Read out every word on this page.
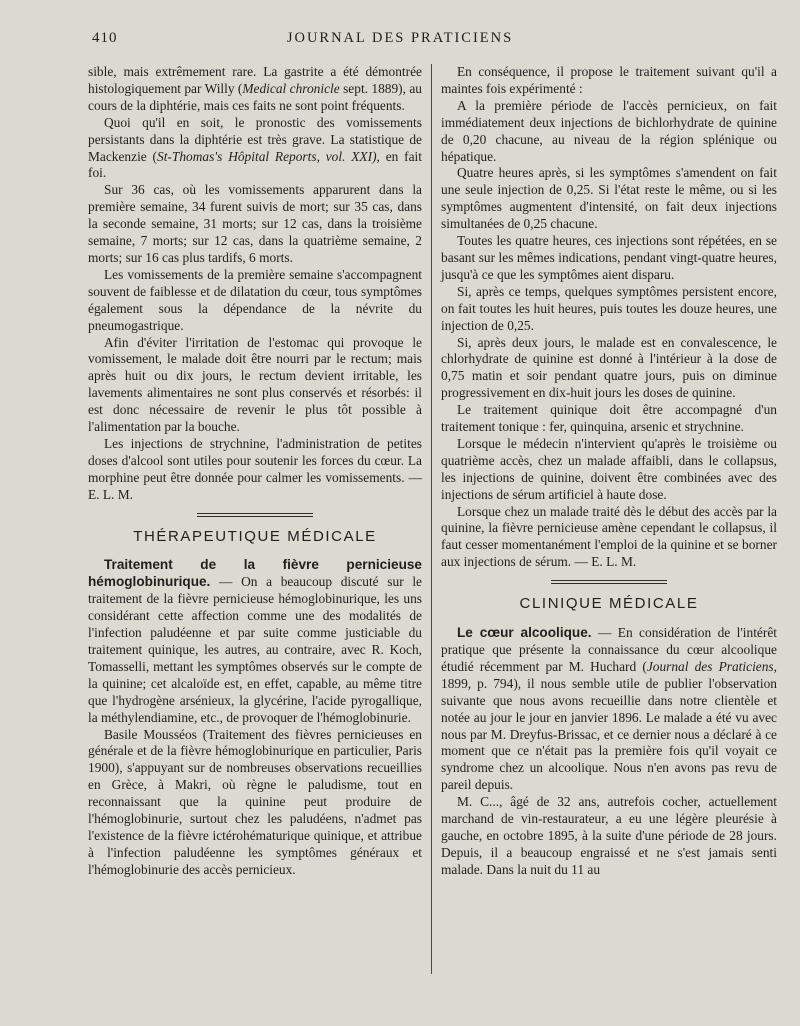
410	JOURNAL DES PRATICIENS

sible, mais extrêmement rare. La gastrite a été démontrée histologiquement par Willy (Medical chronicle sept. 1889), au cours de la diphtérie, mais ces faits ne sont point fréquents.

Quoi qu'il en soit, le pronostic des vomissements persistants dans la diphtérie est très grave. La statistique de Mackenzie (St-Thomas's Hôpital Reports, vol. XXI), en fait foi.

Sur 36 cas, où les vomissements apparurent dans la première semaine, 34 furent suivis de mort; sur 35 cas, dans la seconde semaine, 31 morts; sur 12 cas, dans la troisième semaine, 7 morts; sur 12 cas, dans la quatrième semaine, 2 morts; sur 16 cas plus tardifs, 6 morts.

Les vomissements de la première semaine s'accompagnent souvent de faiblesse et de dilatation du cœur, tous symptômes également sous la dépendance de la névrite du pneumogastrique.

Afin d'éviter l'irritation de l'estomac qui provoque le vomissement, le malade doit être nourri par le rectum; mais après huit ou dix jours, le rectum devient irritable, les lavements alimentaires ne sont plus conservés et résorbés: il est donc nécessaire de revenir le plus tôt possible à l'alimentation par la bouche.

Les injections de strychnine, l'administration de petites doses d'alcool sont utiles pour soutenir les forces du cœur. La morphine peut être donnée pour calmer les vomissements. — E. L. M.

THÉRAPEUTIQUE MÉDICALE

Traitement de la fièvre pernicieuse hémoglobinurique. — On a beaucoup discuté sur le traitement de la fièvre pernicieuse hémoglobinurique, les uns considérant cette affection comme une des modalités de l'infection paludéenne et par suite comme justiciable du traitement quinique, les autres, au contraire, avec R. Koch, Tomasselli, mettant les symptômes observés sur le compte de la quinine; cet alcaloïde est, en effet, capable, au même titre que l'hydrogène arsénieux, la glycérine, l'acide pyrogallique, la méthylendiamine, etc., de provoquer de l'hémoglobinurie.

Basile Mousséos (Traitement des fièvres pernicieuses en générale et de la fièvre hémoglobinurique en particulier, Paris 1900), s'appuyant sur de nombreuses observations recueillies en Grèce, à Makri, où règne le paludisme, tout en reconnaissant que la quinine peut produire de l'hémoglobinurie, surtout chez les paludéens, n'admet pas l'existence de la fièvre ictérohématurique quinique, et attribue à l'infection paludéenne les symptômes généraux et l'hémoglobinurie des accès pernicieux.

En conséquence, il propose le traitement suivant qu'il a maintes fois expérimenté :

A la première période de l'accès pernicieux, on fait immédiatement deux injections de bichlorhydrate de quinine de 0,20 chacune, au niveau de la région splénique ou hépatique.

Quatre heures après, si les symptômes s'amendent on fait une seule injection de 0,25. Si l'état reste le même, ou si les symptômes augmentent d'intensité, on fait deux injections simultanées de 0,25 chacune.

Toutes les quatre heures, ces injections sont répétées, en se basant sur les mêmes indications, pendant vingt-quatre heures, jusqu'à ce que les symptômes aient disparu.

Si, après ce temps, quelques symptômes persistent encore, on fait toutes les huit heures, puis toutes les douze heures, une injection de 0,25.

Si, après deux jours, le malade est en convalescence, le chlorhydrate de quinine est donné à l'intérieur à la dose de 0,75 matin et soir pendant quatre jours, puis on diminue progressivement en dix-huit jours les doses de quinine.

Le traitement quinique doit être accompagné d'un traitement tonique : fer, quinquina, arsenic et strychnine.

Lorsque le médecin n'intervient qu'après le troisième ou quatrième accès, chez un malade affaibli, dans le collapsus, les injections de quinine, doivent être combinées avec des injections de sérum artificiel à haute dose.

Lorsque chez un malade traité dès le début des accès par la quinine, la fièvre pernicieuse amène cependant le collapsus, il faut cesser momentanément l'emploi de la quinine et se borner aux injections de sérum. — E. L. M.

CLINIQUE MÉDICALE

Le cœur alcoolique. — En considération de l'intérêt pratique que présente la connaissance du cœur alcoolique étudié récemment par M. Huchard (Journal des Praticiens, 1899, p. 794), il nous semble utile de publier l'observation suivante que nous avons recueillie dans notre clientèle et notée au jour le jour en janvier 1896. Le malade a été vu avec nous par M. Dreyfus-Brissac, et ce dernier nous a déclaré à ce moment que ce n'était pas la première fois qu'il voyait ce syndrome chez un alcoolique. Nous n'en avons pas revu de pareil depuis.

M. C..., âgé de 32 ans, autrefois cocher, actuellement marchand de vin-restaurateur, a eu une légère pleurésie à gauche, en octobre 1895, à la suite d'une période de 28 jours. Depuis, il a beaucoup engraissé et ne s'est jamais senti malade. Dans la nuit du 11 au
